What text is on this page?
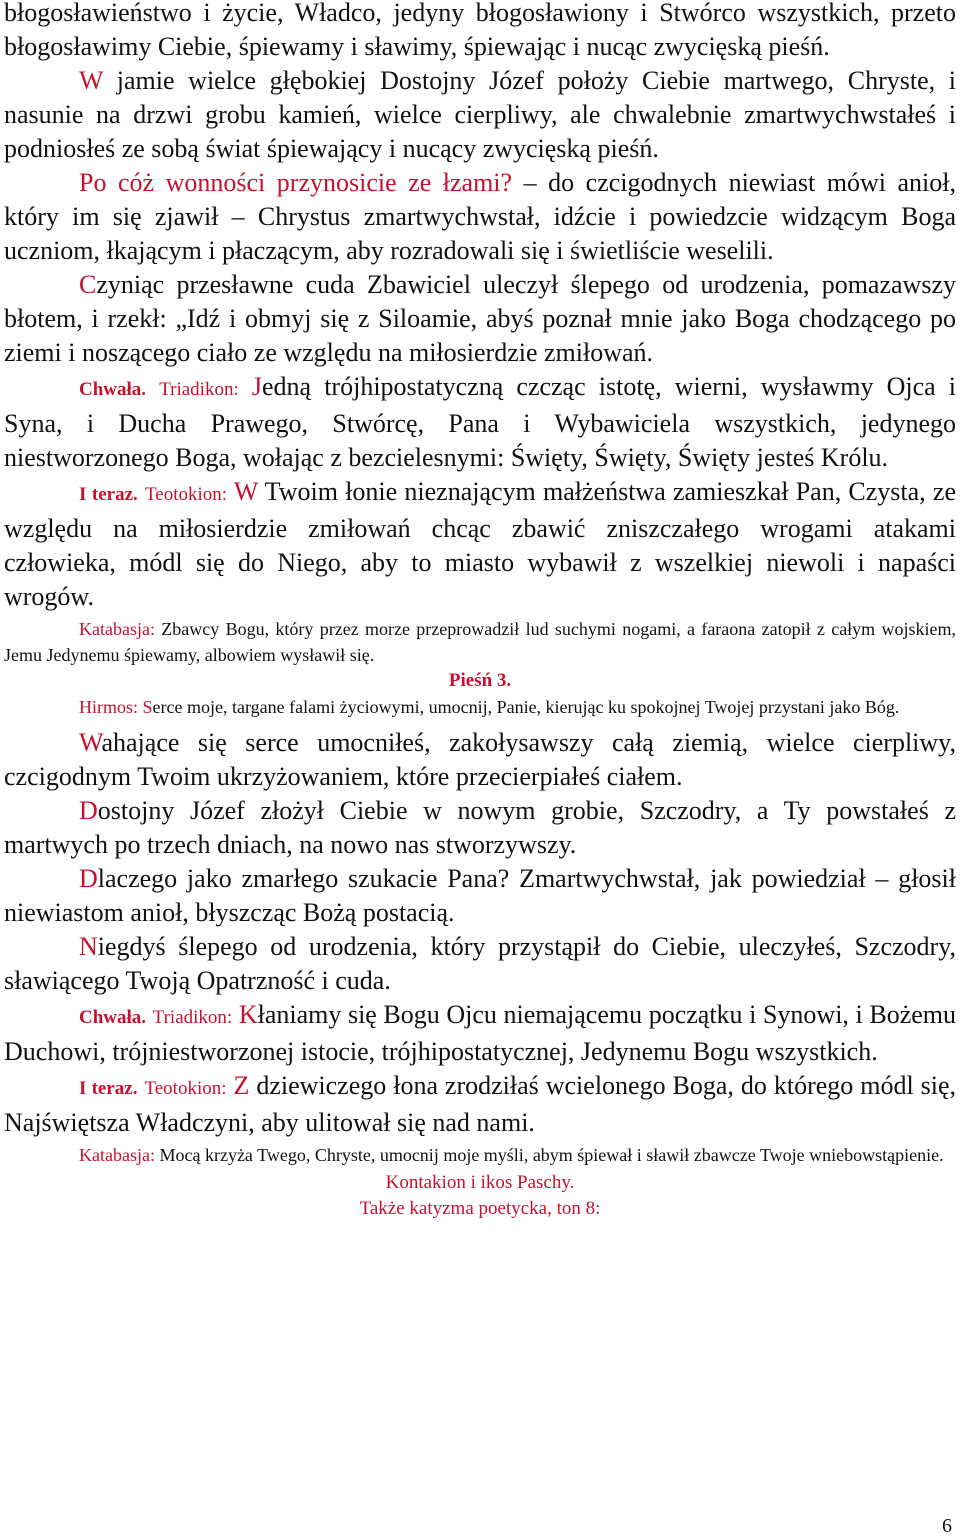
błogosławieństwo i życie, Władco, jedyny błogosławiony i Stwórco wszystkich, przeto błogosławimy Ciebie, śpiewamy i sławimy, śpiewając i nucąc zwycięską pieśń.

W jamie wielce głębokiej Dostojny Józef położy Ciebie martwego, Chryste, i nasunie na drzwi grobu kamień, wielce cierpliwy, ale chwalebnie zmartwychwstałeś i podniosłeś ze sobą świat śpiewający i nucący zwycięską pieśń.

Po cóż wonności przynosicie ze łzami? – do czcigodnych niewiast mówi anioł, który im się zjawił – Chrystus zmartwychwstał, idźcie i powiedzcie widzącym Boga uczniom, łkającym i płaczącym, aby rozradowali się i świetliście weselili.

Czyniąc przesławne cuda Zbawiciel uleczył ślepego od urodzenia, pomazawszy błotem, i rzekł: „Idź i obmyj się z Siloamie, abyś poznał mnie jako Boga chodzącego po ziemi i noszącego ciało ze względu na miłosierdzie zmiłowań.

Chwała. Triadikon: Jedną trójhipostatyczną czcząc istotę, wierni, wysławmy Ojca i Syna, i Ducha Prawego, Stwórcę, Pana i Wybawiciela wszystkich, jedynego niestworzonego Boga, wołając z bezcielesnymi: Święty, Święty, Święty jesteś Królu.

I teraz. Teotokion: W Twoim łonie nieznającym małżeństwa zamieszkał Pan, Czysta, ze względu na miłosierdzie zmiłowań chcąc zbawić zniszczałego wrogami atakami człowieka, módl się do Niego, aby to miasto wybawił z wszelkiej niewoli i napaści wrogów.

Katabasja: Zbawcy Bogu, który przez morze przeprowadził lud suchymi nogami, a faraona zatopił z całym wojskiem, Jemu Jedynemu śpiewamy, albowiem wysławił się.

Pieśń 3.

Hirmos: Serce moje, targane falami życiowymi, umocnij, Panie, kierując ku spokojnej Twojej przystani jako Bóg.

Wahające się serce umocniłeś, zakołysawszy całą ziemią, wielce cierpliwy, czcigodnym Twoim ukrzyżowaniem, które przecierpiałeś ciałem.

Dostojny Józef złożył Ciebie w nowym grobie, Szczodry, a Ty powstałeś z martwych po trzech dniach, na nowo nas stworzywszy.

Dlaczego jako zmarłego szukacie Pana? Zmartwychwstał, jak powiedział – głosił niewiastom anioł, błyszcząc Bożą postacią.

Niegdyś ślepego od urodzenia, który przystąpił do Ciebie, uleczyłeś, Szczodry, sławiącego Twoją Opatrzność i cuda.

Chwała. Triadikon: Kłaniamy się Bogu Ojcu niemającemu początku i Synowi, i Bożemu Duchowi, trójniestworzonej istocie, trójhipostatycznej, Jedynemu Bogu wszystkich.

I teraz. Teotokion: Z dziewiczego łona zrodziłaś wcielonego Boga, do którego módl się, Najświętsza Władczyni, aby ulitował się nad nami.

Katabasja: Mocą krzyża Twego, Chryste, umocnij moje myśli, abym śpiewał i sławił zbawcze Twoje wniebowstąpienie.

Kontakion i ikos Paschy.

Także katyzma poetycka, ton 8:

6
